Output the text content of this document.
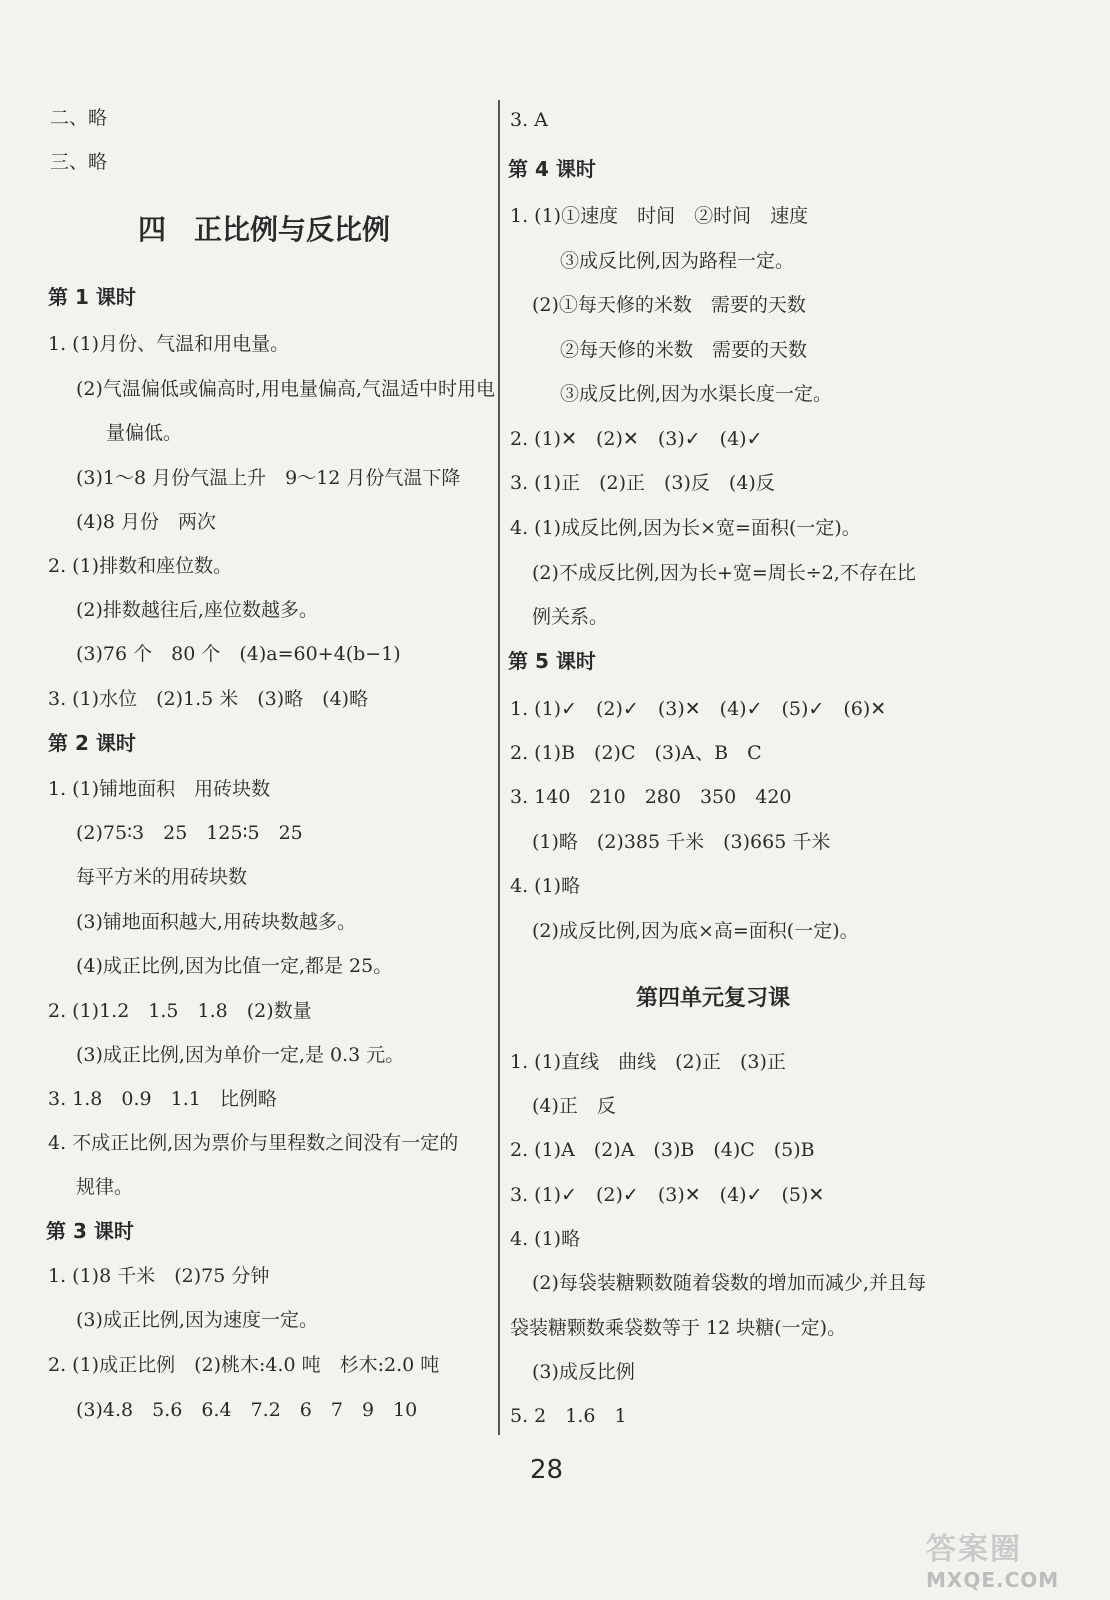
二、略
三、略
四　正比例与反比例
第 1 课时
1. (1)月份、气温和用电量。
(2)气温偏低或偏高时,用电量偏高,气温适中时用电
量偏低。
(3)1～8 月份气温上升　9～12 月份气温下降
(4)8 月份　两次
2. (1)排数和座位数。
(2)排数越往后,座位数越多。
(3)76 个　80 个　(4)a=60+4(b−1)
3. (1)水位　(2)1.5 米　(3)略　(4)略
第 2 课时
1. (1)铺地面积　用砖块数
(2)75∶3　25　125∶5　25
每平方米的用砖块数
(3)铺地面积越大,用砖块数越多。
(4)成正比例,因为比值一定,都是 25。
2. (1)1.2　1.5　1.8　(2)数量
(3)成正比例,因为单价一定,是 0.3 元。
3. 1.8　0.9　1.1　比例略
4. 不成正比例,因为票价与里程数之间没有一定的
规律。
第 3 课时
1. (1)8 千米　(2)75 分钟
(3)成正比例,因为速度一定。
2. (1)成正比例　(2)桃木:4.0 吨　杉木:2.0 吨
(3)4.8　5.6　6.4　7.2　6　7　9　10
3. A
第 4 课时
1. (1)①速度　时间　②时间　速度
③成反比例,因为路程一定。
(2)①每天修的米数　需要的天数
②每天修的米数　需要的天数
③成反比例,因为水渠长度一定。
2. (1)✕　(2)✕　(3)✓　(4)✓
3. (1)正　(2)正　(3)反　(4)反
4. (1)成反比例,因为长×宽=面积(一定)。
(2)不成反比例,因为长+宽=周长÷2,不存在比
例关系。
第 5 课时
1. (1)✓　(2)✓　(3)✕　(4)✓　(5)✓　(6)✕
2. (1)B　(2)C　(3)A、B　C
3. 140　210　280　350　420
(1)略　(2)385 千米　(3)665 千米
4. (1)略
(2)成反比例,因为底×高=面积(一定)。
第四单元复习课
1. (1)直线　曲线　(2)正　(3)正
(4)正　反
2. (1)A　(2)A　(3)B　(4)C　(5)B
3. (1)✓　(2)✓　(3)✕　(4)✓　(5)✕
4. (1)略
(2)每袋装糖颗数随着袋数的增加而减少,并且每
袋装糖颗数乘袋数等于 12 块糖(一定)。
(3)成反比例
5. 2　1.6　1
28
答案圈
MXQE.COM
